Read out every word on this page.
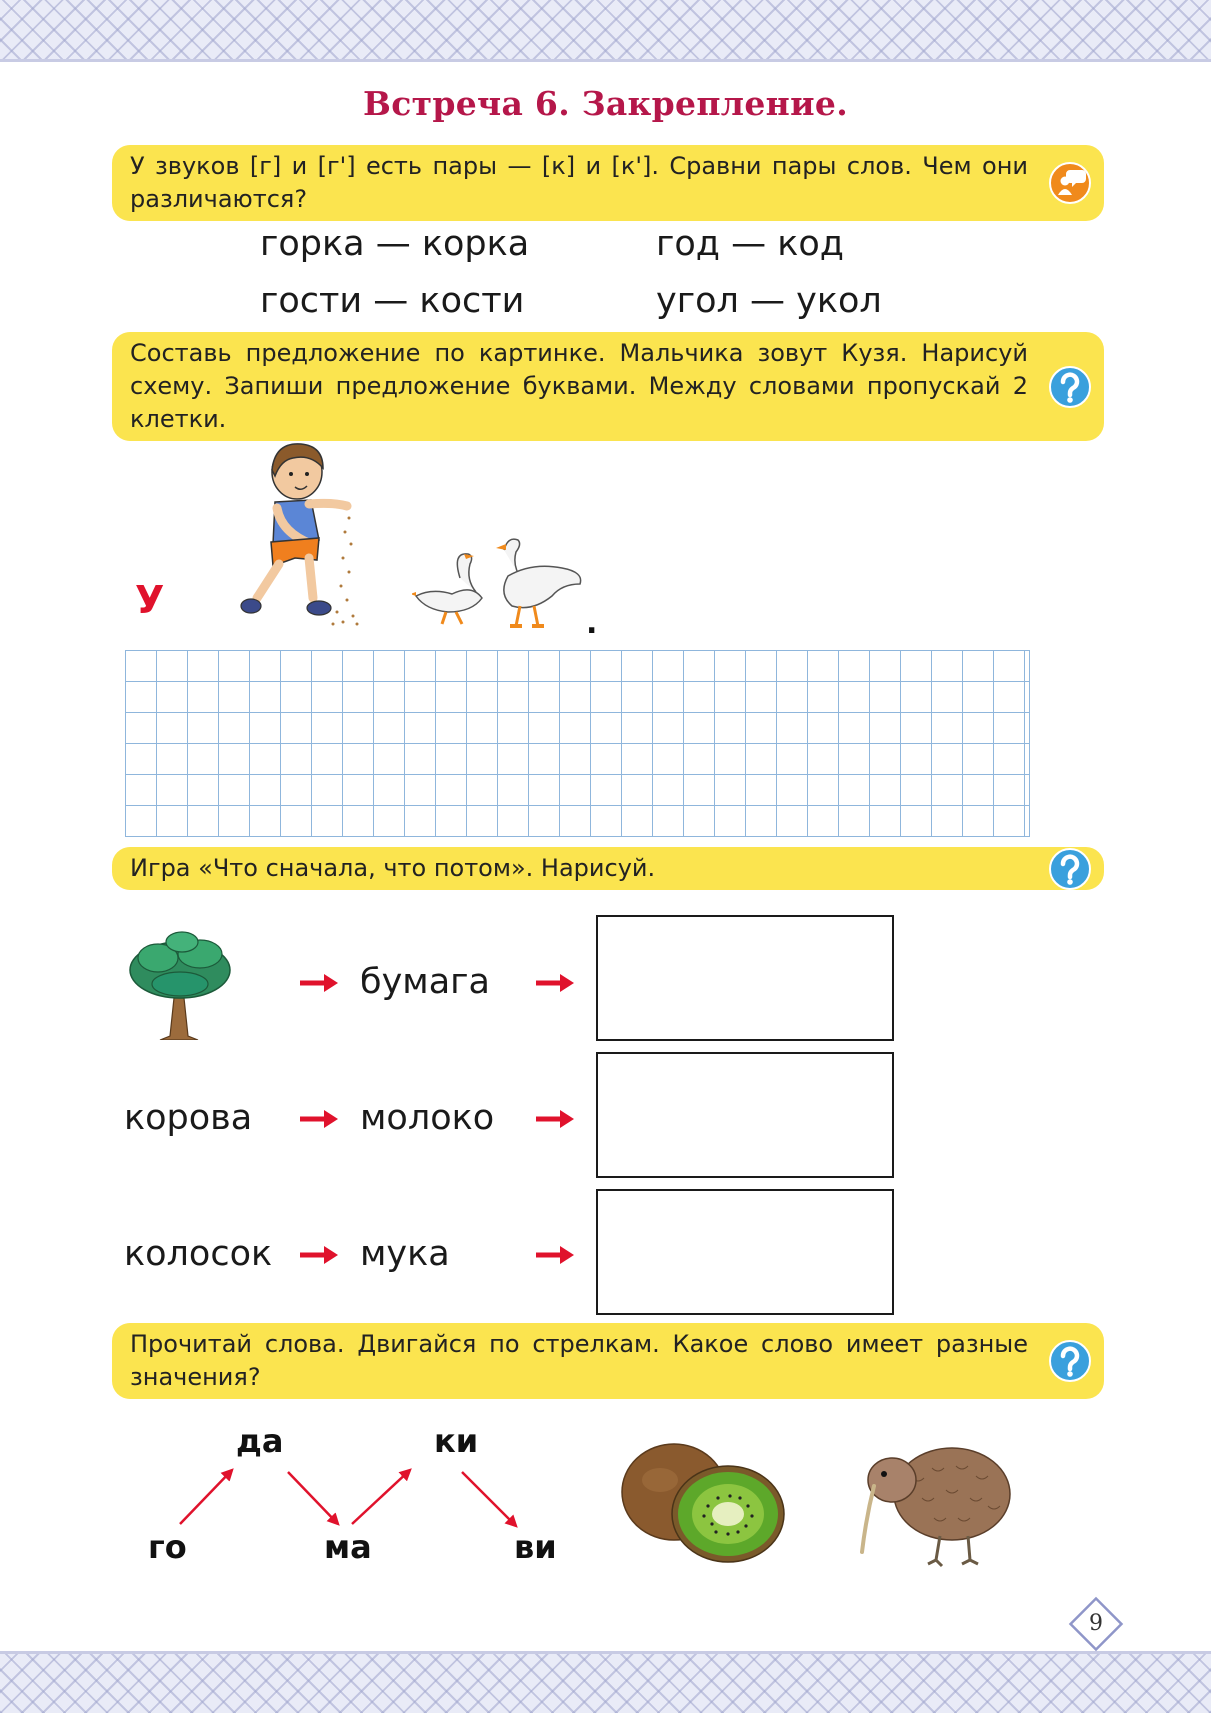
Встреча 6. Закрепление.
У звуков [г] и [г'] есть пары — [к] и [к']. Сравни пары слов. Чем они различаются?
горка — корка	год — код
гости — кости	угол — укол
Составь предложение по картинке. Мальчика зовут Кузя. Нарисуй схему. Запиши предложение буквами. Между словами пропускай 2 клетки.
У
.
Игра «Что сначала, что потом». Нарисуй.
корова
колосок
бумага
молоко
мука
Прочитай слова. Двигайся по стрелкам. Какое слово имеет разные значения?
го
да
ма
ки
ви
9
